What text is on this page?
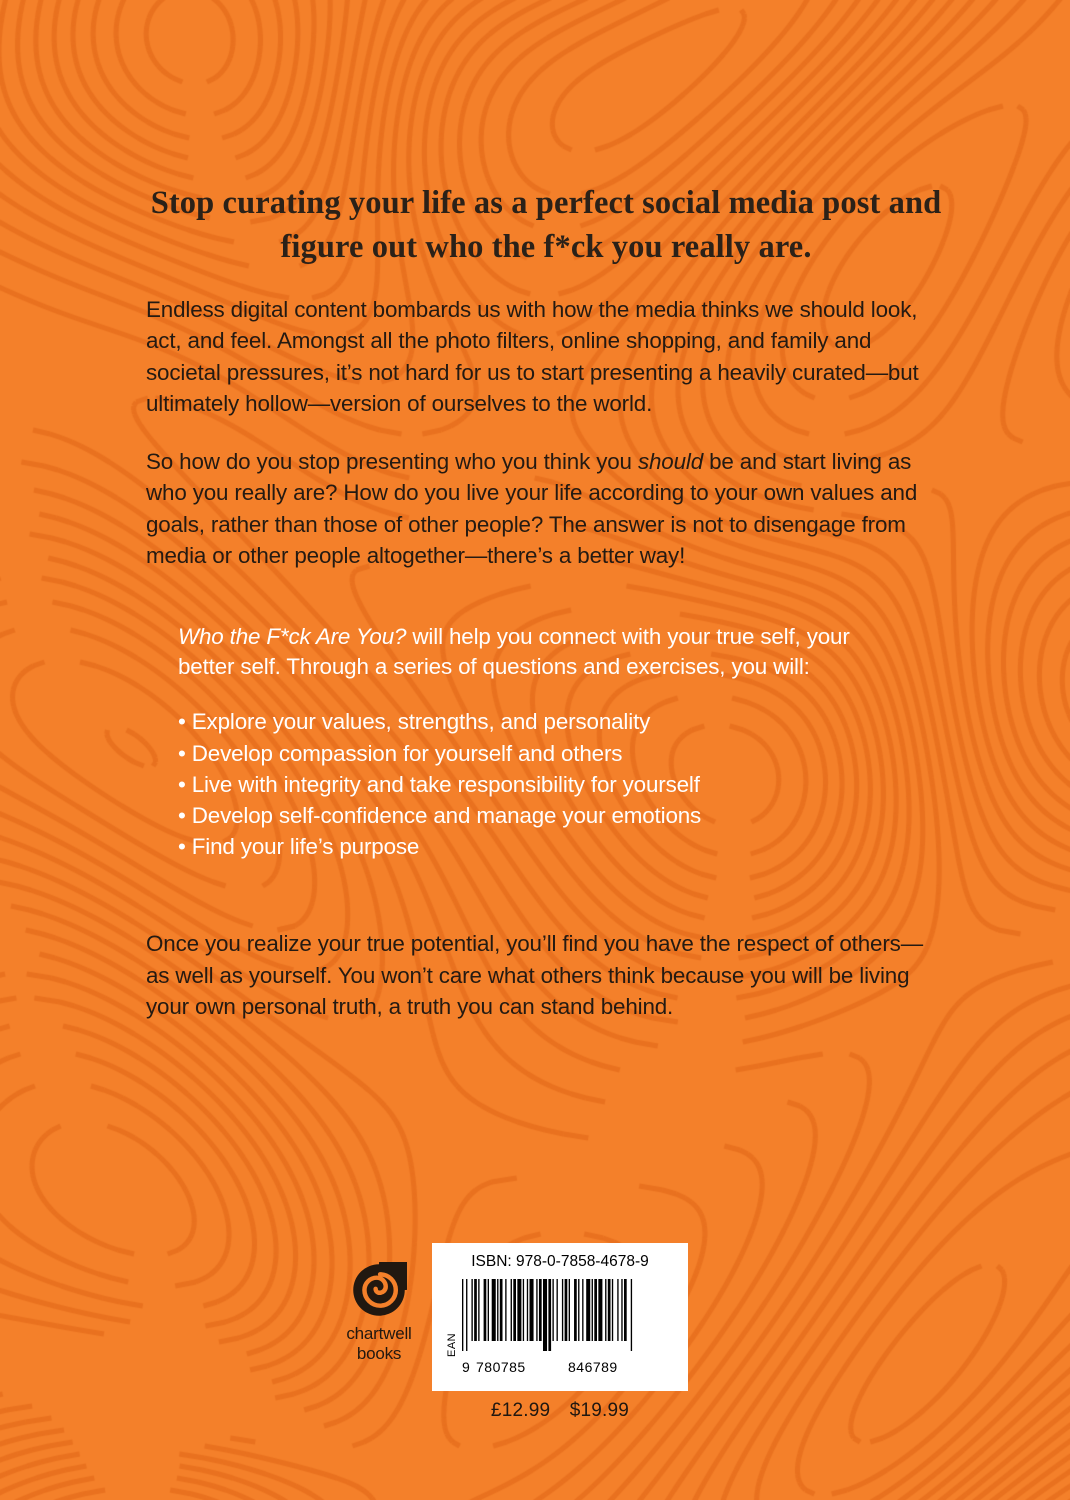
Stop curating your life as a perfect social media post and figure out who the f*ck you really are.

Endless digital content bombards us with how the media thinks we should look, act, and feel. Amongst all the photo filters, online shopping, and family and societal pressures, it’s not hard for us to start presenting a heavily curated—but ultimately hollow—version of ourselves to the world.

So how do you stop presenting who you think you should be and start living as who you really are? How do you live your life according to your own values and goals, rather than those of other people? The answer is not to disengage from media or other people altogether—there’s a better way!

Who the F*ck Are You? will help you connect with your true self, your better self. Through a series of questions and exercises, you will:

• Explore your values, strengths, and personality
• Develop compassion for yourself and others
• Live with integrity and take responsibility for yourself
• Develop self-confidence and manage your emotions
• Find your life’s purpose

Once you realize your true potential, you’ll find you have the respect of others—as well as yourself. You won’t care what others think because you will be living your own personal truth, a truth you can stand behind.

chartwell
books
ISBN: 978-0-7858-4678-9
EAN
9 780785	846789
£12.99 $19.99
